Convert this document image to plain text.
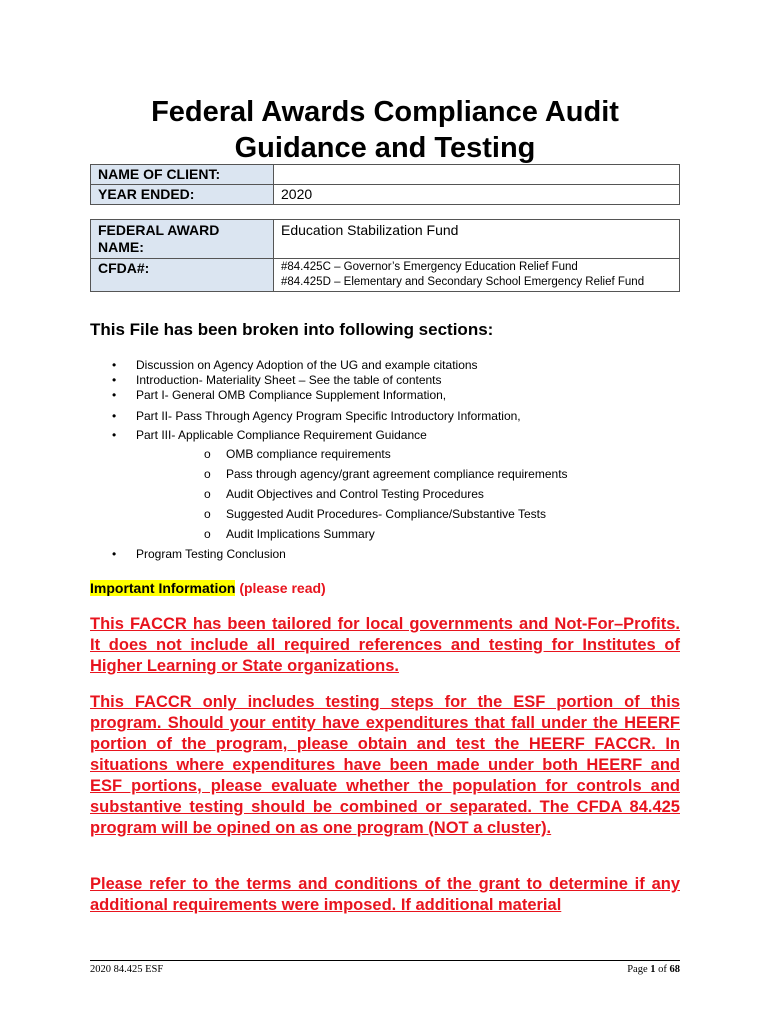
Federal Awards Compliance Audit
Guidance and Testing
NAME OF CLIENT:	
YEAR ENDED:	2020
FEDERAL AWARD NAME:	Education Stabilization Fund
CFDA#:	#84.425C – Governor’s Emergency Education Relief Fund
#84.425D – Elementary and Secondary School Emergency Relief Fund
This File has been broken into following sections:
• Discussion on Agency Adoption of the UG and example citations
• Introduction- Materiality Sheet – See the table of contents
• Part I- General OMB Compliance Supplement Information,
• Part II- Pass Through Agency Program Specific Introductory Information,
• Part III- Applicable Compliance Requirement Guidance
o OMB compliance requirements
o Pass through agency/grant agreement compliance requirements
o Audit Objectives and Control Testing Procedures
o Suggested Audit Procedures- Compliance/Substantive Tests
o Audit Implications Summary
• Program Testing Conclusion
Important Information (please read)
This FACCR has been tailored for local governments and Not-For–Profits. It does not include all required references and testing for Institutes of Higher Learning or State organizations.
This FACCR only includes testing steps for the ESF portion of this program. Should your entity have expenditures that fall under the HEERF portion of the program, please obtain and test the HEERF FACCR. In situations where expenditures have been made under both HEERF and ESF portions, please evaluate whether the population for controls and substantive testing should be combined or separated. The CFDA 84.425 program will be opined on as one program (NOT a cluster).
Please refer to the terms and conditions of the grant to determine if any additional requirements were imposed. If additional material
2020 84.425 ESF	Page 1 of 68
